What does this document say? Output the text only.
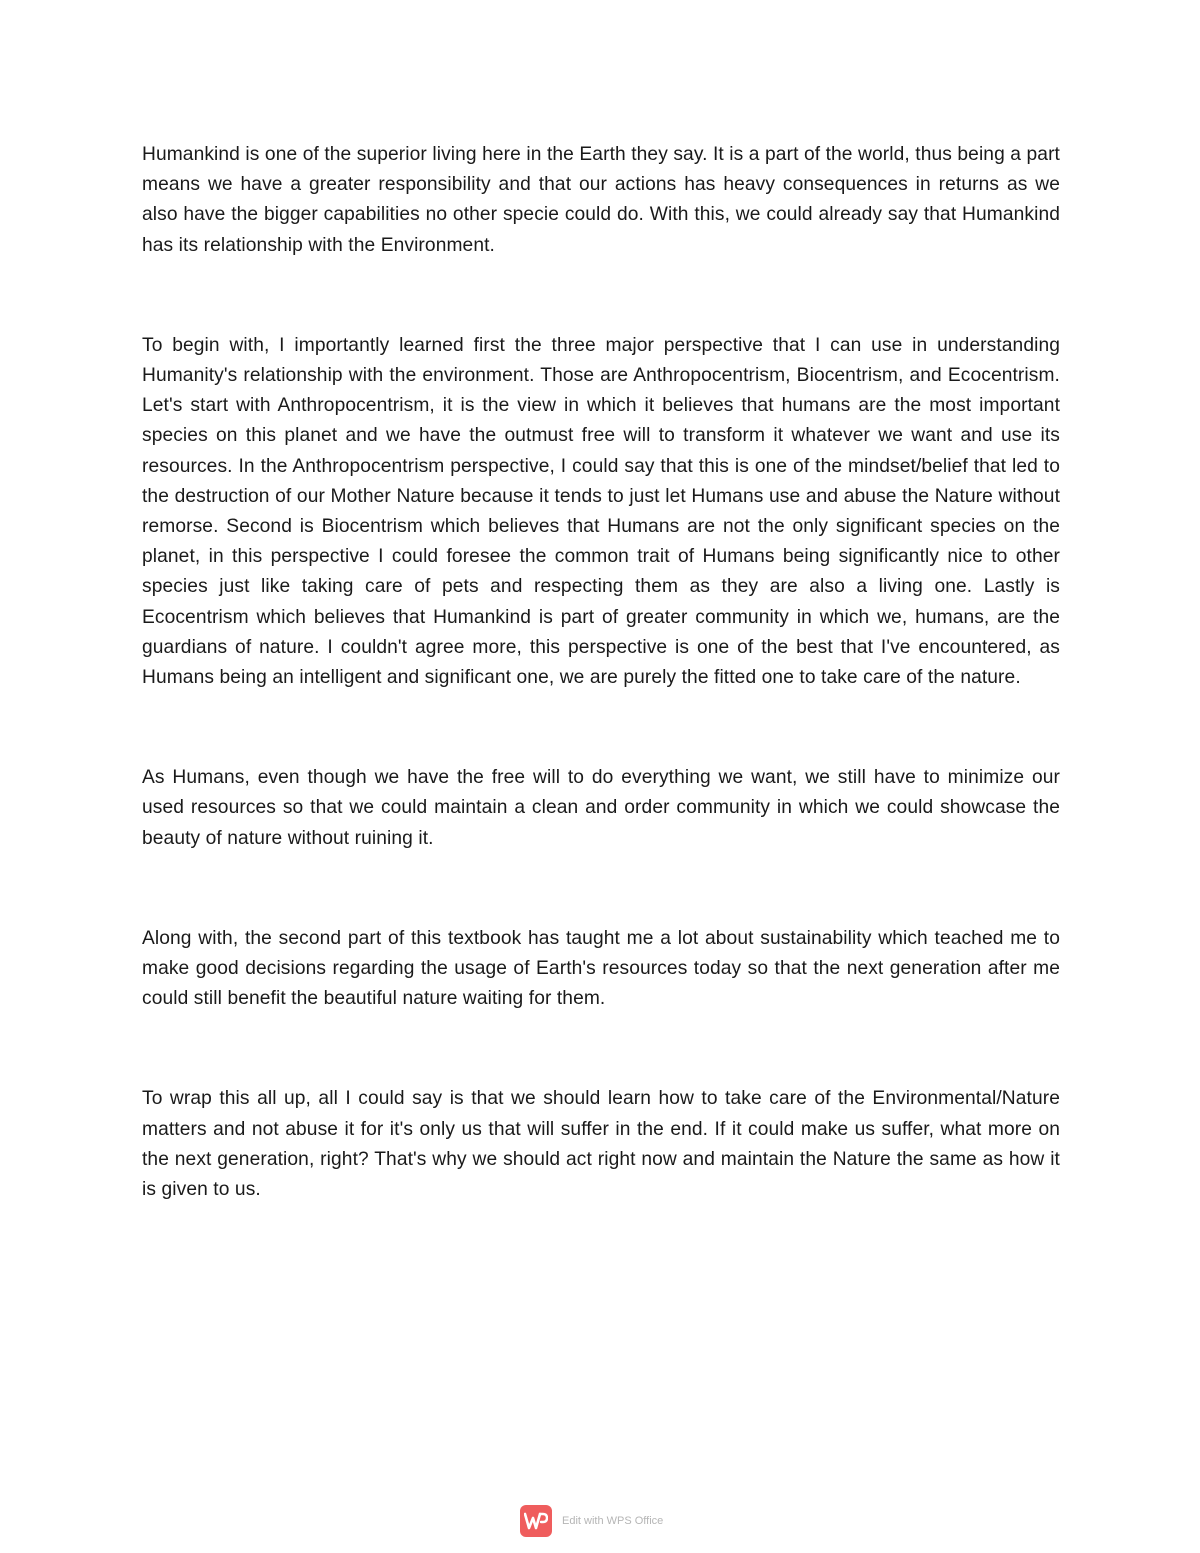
Humankind is one of the superior living here in the Earth they say. It is a part of the world, thus being a part means we have a greater responsibility and that our actions has heavy consequences in returns as we also have the bigger capabilities no other specie could do. With this, we could already say that Humankind has its relationship with the Environment.

To begin with, I importantly learned first the three major perspective that I can use in understanding Humanity's relationship with the environment. Those are Anthropocentrism, Biocentrism, and Ecocentrism. Let's start with Anthropocentrism, it is the view in which it believes that humans are the most important species on this planet and we have the outmust free will to transform it whatever we want and use its resources. In the Anthropocentrism perspective, I could say that this is one of the mindset/belief that led to the destruction of our Mother Nature because it tends to just let Humans use and abuse the Nature without remorse. Second is Biocentrism which believes that Humans are not the only significant species on the planet, in this perspective I could foresee the common trait of Humans being significantly nice to other species just like taking care of pets and respecting them as they are also a living one. Lastly is Ecocentrism which believes that Humankind is part of greater community in which we, humans, are the guardians of nature. I couldn't agree more, this perspective is one of the best that I've encountered, as Humans being an intelligent and significant one, we are purely the fitted one to take care of the nature.

As Humans, even though we have the free will to do everything we want, we still have to minimize our used resources so that we could maintain a clean and order community in which we could showcase the beauty of nature without ruining it.

Along with, the second part of this textbook has taught me a lot about sustainability which teached me to make good decisions regarding the usage of Earth's resources today so that the next generation after me could still benefit the beautiful nature waiting for them.

To wrap this all up, all I could say is that we should learn how to take care of the Environmental/Nature matters and not abuse it for it's only us that will suffer in the end. If it could make us suffer, what more on the next generation, right? That's why we should act right now and maintain the Nature the same as how it is given to us.

Edit with WPS Office
